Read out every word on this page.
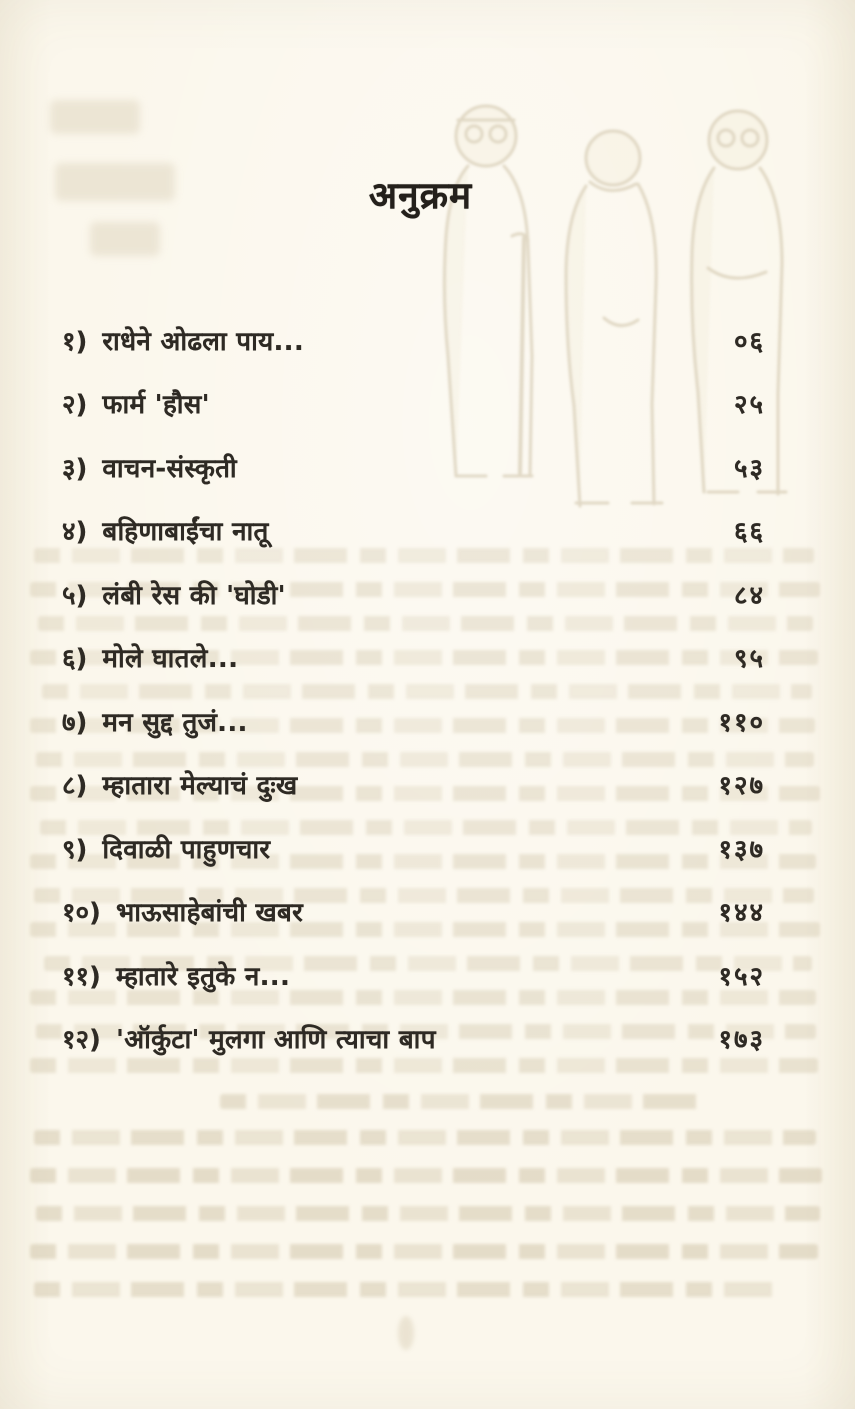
अनुक्रम
१) राधेने ओढला पाय...	०६
२) फार्म 'हौस'	२५
३) वाचन-संस्कृती	५३
४) बहिणाबाईंचा नातू	६६
५) लंबी रेस की 'घोडी'	८४
६) मोले घातले...	९५
७) मन सुद्द तुजं...	११०
८) म्हातारा मेल्याचं दुःख	१२७
९) दिवाळी पाहुणचार	१३७
१०) भाऊसाहेबांची खबर	१४४
११) म्हातारे इतुके न...	१५२
१२) 'ऑर्कुटा' मुलगा आणि त्याचा बाप	१७३
